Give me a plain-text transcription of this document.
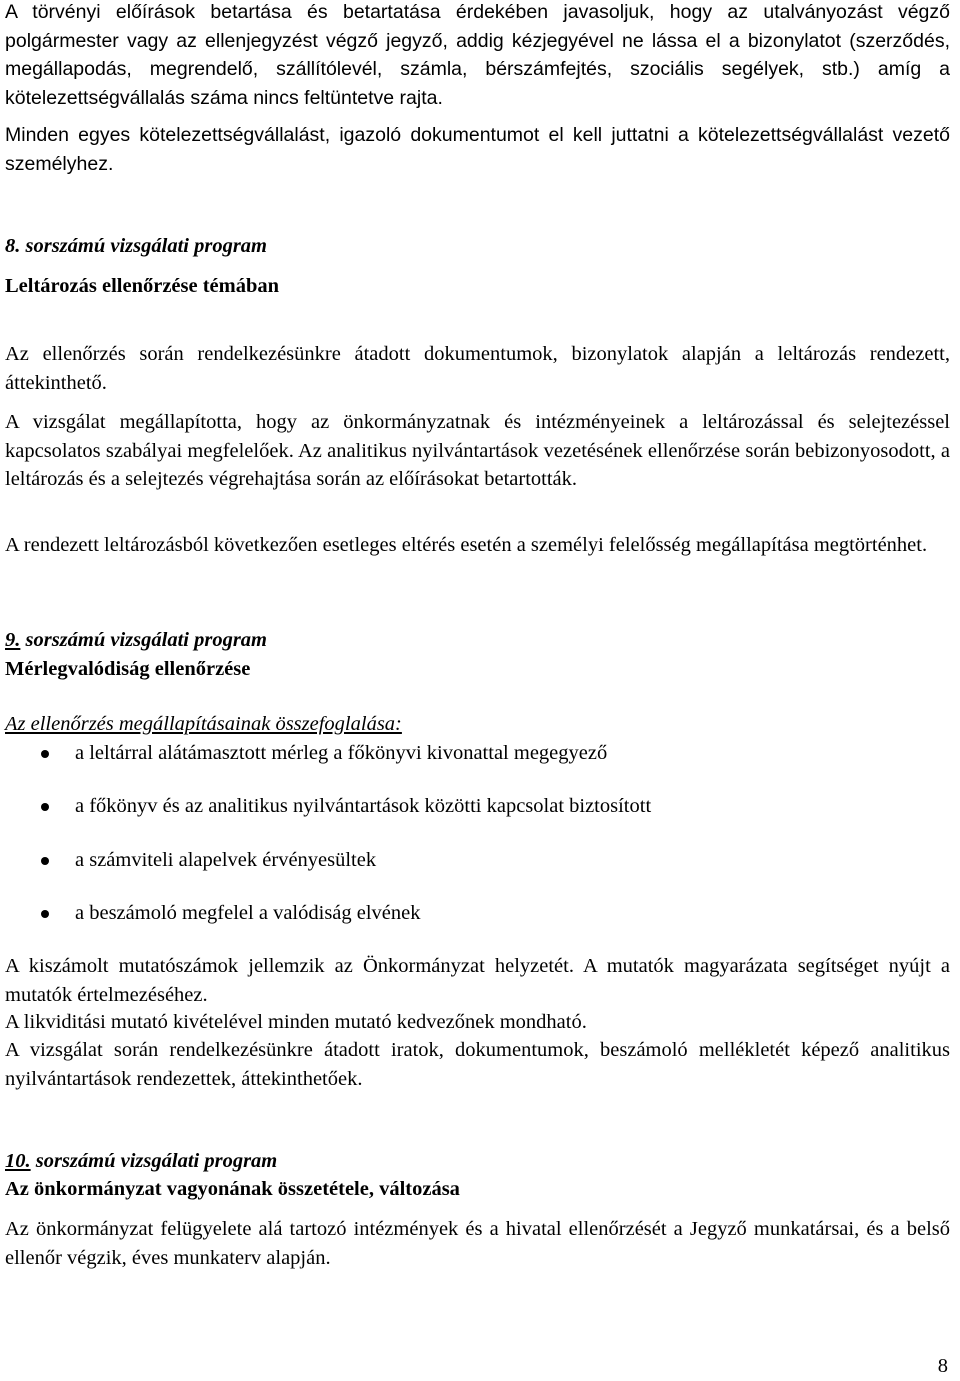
A törvényi előírások betartása és betartatása érdekében javasoljuk, hogy az utalványozást végző polgármester vagy az ellenjegyzést végző jegyző, addig kézjegyével ne lássa el a bizonylatot (szerződés, megállapodás, megrendelő, szállítólevél, számla, bérszámfejtés, szociális segélyek, stb.) amíg a kötelezettségvállalás száma nincs feltüntetve rajta.

Minden egyes kötelezettségvállalást, igazoló dokumentumot el kell juttatni a kötelezettségvállalást vezető személyhez.

8. sorszámú vizsgálati program

Leltározás ellenőrzése témában

Az ellenőrzés során rendelkezésünkre átadott dokumentumok, bizonylatok alapján a leltározás rendezett, áttekinthető.

A vizsgálat megállapította, hogy az önkormányzatnak és intézményeinek a leltározással és selejtezéssel kapcsolatos szabályai megfelelőek. Az analitikus nyilvántartások vezetésének ellenőrzése során bebizonyosodott, a leltározás és a selejtezés végrehajtása során az előírásokat betartották.

A rendezett leltározásból következően esetleges eltérés esetén a személyi felelősség megállapítása megtörténhet.

9. sorszámú vizsgálati program

Mérlegvalódiság ellenőrzése

Az ellenőrzés megállapításainak összefoglalása:

a leltárral alátámasztott mérleg a főkönyvi kivonattal megegyező
a főkönyv és az analitikus nyilvántartások közötti kapcsolat biztosított
a számviteli alapelvek érvényesültek
a beszámoló megfelel a valódiság elvének

A kiszámolt mutatószámok jellemzik az Önkormányzat helyzetét. A mutatók magyarázata segítséget nyújt a mutatók értelmezéséhez.

A likviditási mutató kivételével minden mutató kedvezőnek mondható.

A vizsgálat során rendelkezésünkre átadott iratok, dokumentumok, beszámoló mellékletét képező analitikus nyilvántartások rendezettek, áttekinthetőek.

10. sorszámú vizsgálati program

Az önkormányzat vagyonának összetétele, változása

Az önkormányzat felügyelete alá tartozó intézmények és a hivatal ellenőrzését a Jegyző munkatársai, és a belső ellenőr végzik, éves munkaterv alapján.

8
